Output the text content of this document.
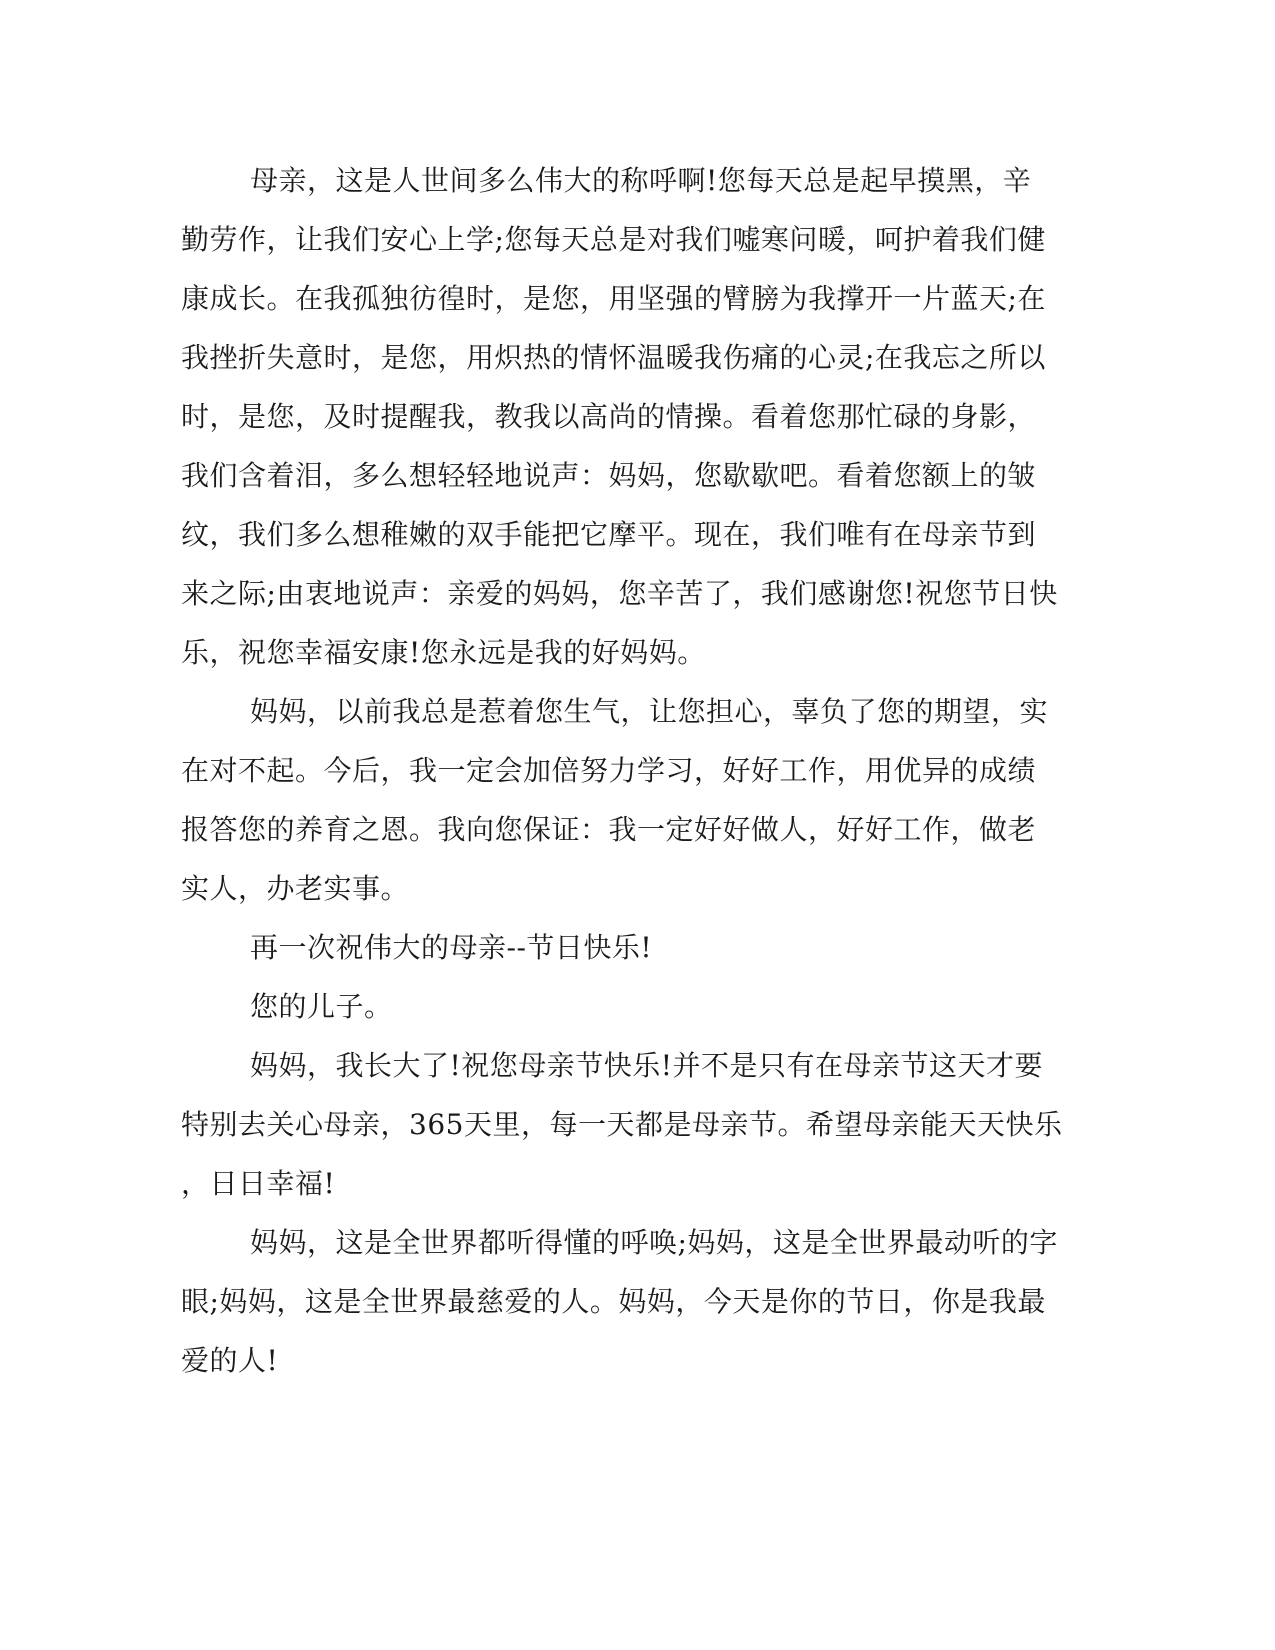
母亲，这是人世间多么伟大的称呼啊!您每天总是起早摸黑，辛
勤劳作，让我们安心上学;您每天总是对我们嘘寒问暖，呵护着我们健
康成长。在我孤独彷徨时，是您，用坚强的臂膀为我撑开一片蓝天;在
我挫折失意时，是您，用炽热的情怀温暖我伤痛的心灵;在我忘之所以
时，是您，及时提醒我，教我以高尚的情操。看着您那忙碌的身影，
我们含着泪，多么想轻轻地说声：妈妈，您歇歇吧。看着您额上的皱
纹，我们多么想稚嫩的双手能把它摩平。现在，我们唯有在母亲节到
来之际;由衷地说声：亲爱的妈妈，您辛苦了，我们感谢您!祝您节日快
乐，祝您幸福安康!您永远是我的好妈妈。
妈妈，以前我总是惹着您生气，让您担心，辜负了您的期望，实
在对不起。今后，我一定会加倍努力学习，好好工作，用优异的成绩
报答您的养育之恩。我向您保证：我一定好好做人，好好工作，做老
实人，办老实事。
再一次祝伟大的母亲--节日快乐!
您的儿子。
妈妈，我长大了!祝您母亲节快乐!并不是只有在母亲节这天才要
特别去关心母亲，365天里，每一天都是母亲节。希望母亲能天天快乐
，日日幸福!
妈妈，这是全世界都听得懂的呼唤;妈妈，这是全世界最动听的字
眼;妈妈，这是全世界最慈爱的人。妈妈，今天是你的节日，你是我最
爱的人!
